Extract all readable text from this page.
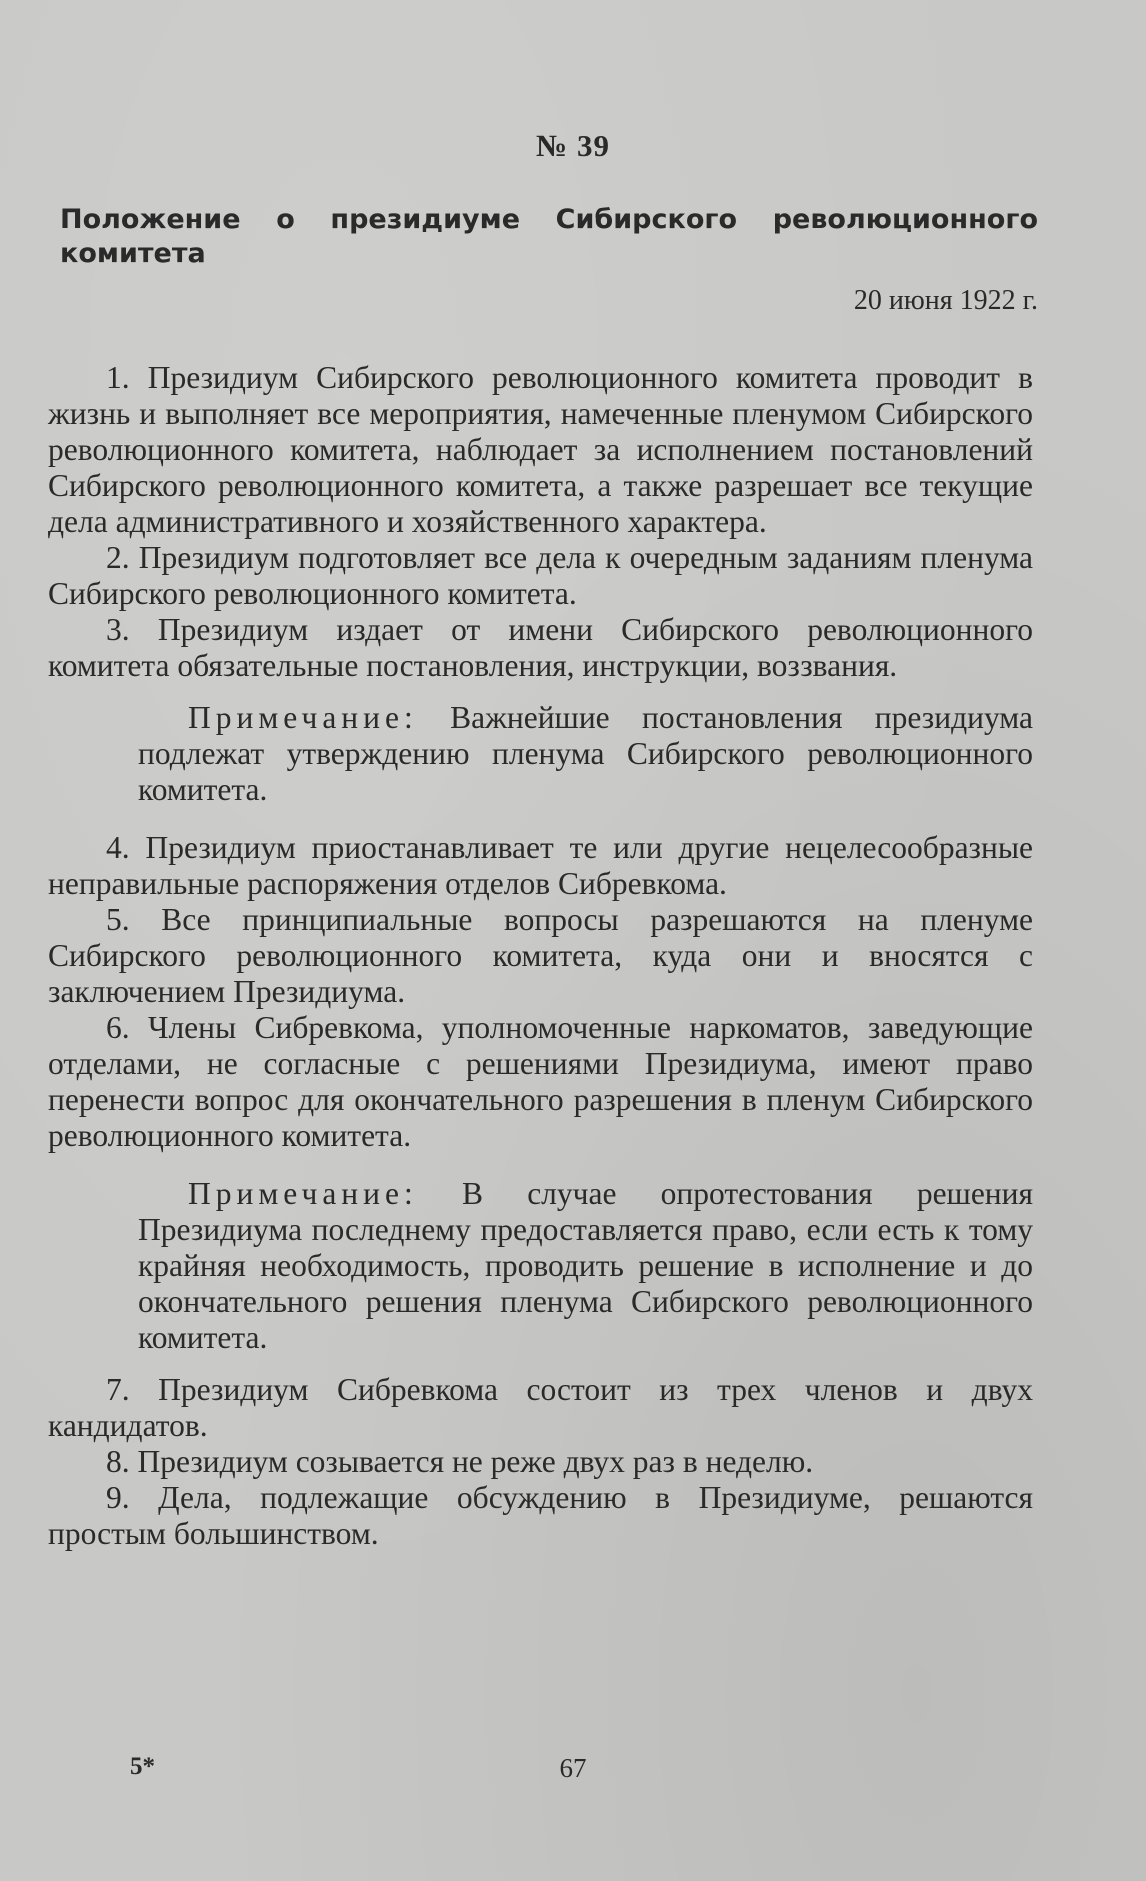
№ 39
Положение о президиуме Сибирского революционного комитета
20 июня 1922 г.

1. Президиум Сибирского революционного комитета проводит в жизнь и выполняет все мероприятия, намеченные пленумом Сибирского революционного комитета, наблюдает за исполнением постановлений Сибирского революционного комитета, а также разрешает все текущие дела административного и хозяйственного характера.

2. Президиум подготовляет все дела к очередным заданиям пленума Сибирского революционного комитета.

3. Президиум издает от имени Сибирского революционного комитета обязательные постановления, инструкции, воззвания.

Примечание: Важнейшие постановления президиума подлежат утверждению пленума Сибирского революционного комитета.

4. Президиум приостанавливает те или другие нецелесообразные неправильные распоряжения отделов Сибревкома.

5. Все принципиальные вопросы разрешаются на пленуме Сибирского революционного комитета, куда они и вносятся с заключением Президиума.

6. Члены Сибревкома, уполномоченные наркоматов, заведующие отделами, не согласные с решениями Президиума, имеют право перенести вопрос для окончательного разрешения в пленум Сибирского революционного комитета.

Примечание: В случае опротестования решения Президиума последнему предоставляется право, если есть к тому крайняя необходимость, проводить решение в исполнение и до окончательного решения пленума Сибирского революционного комитета.

7. Президиум Сибревкома состоит из трех членов и двух кандидатов.

8. Президиум созывается не реже двух раз в неделю.

9. Дела, подлежащие обсуждению в Президиуме, решаются простым большинством.

5*	67
